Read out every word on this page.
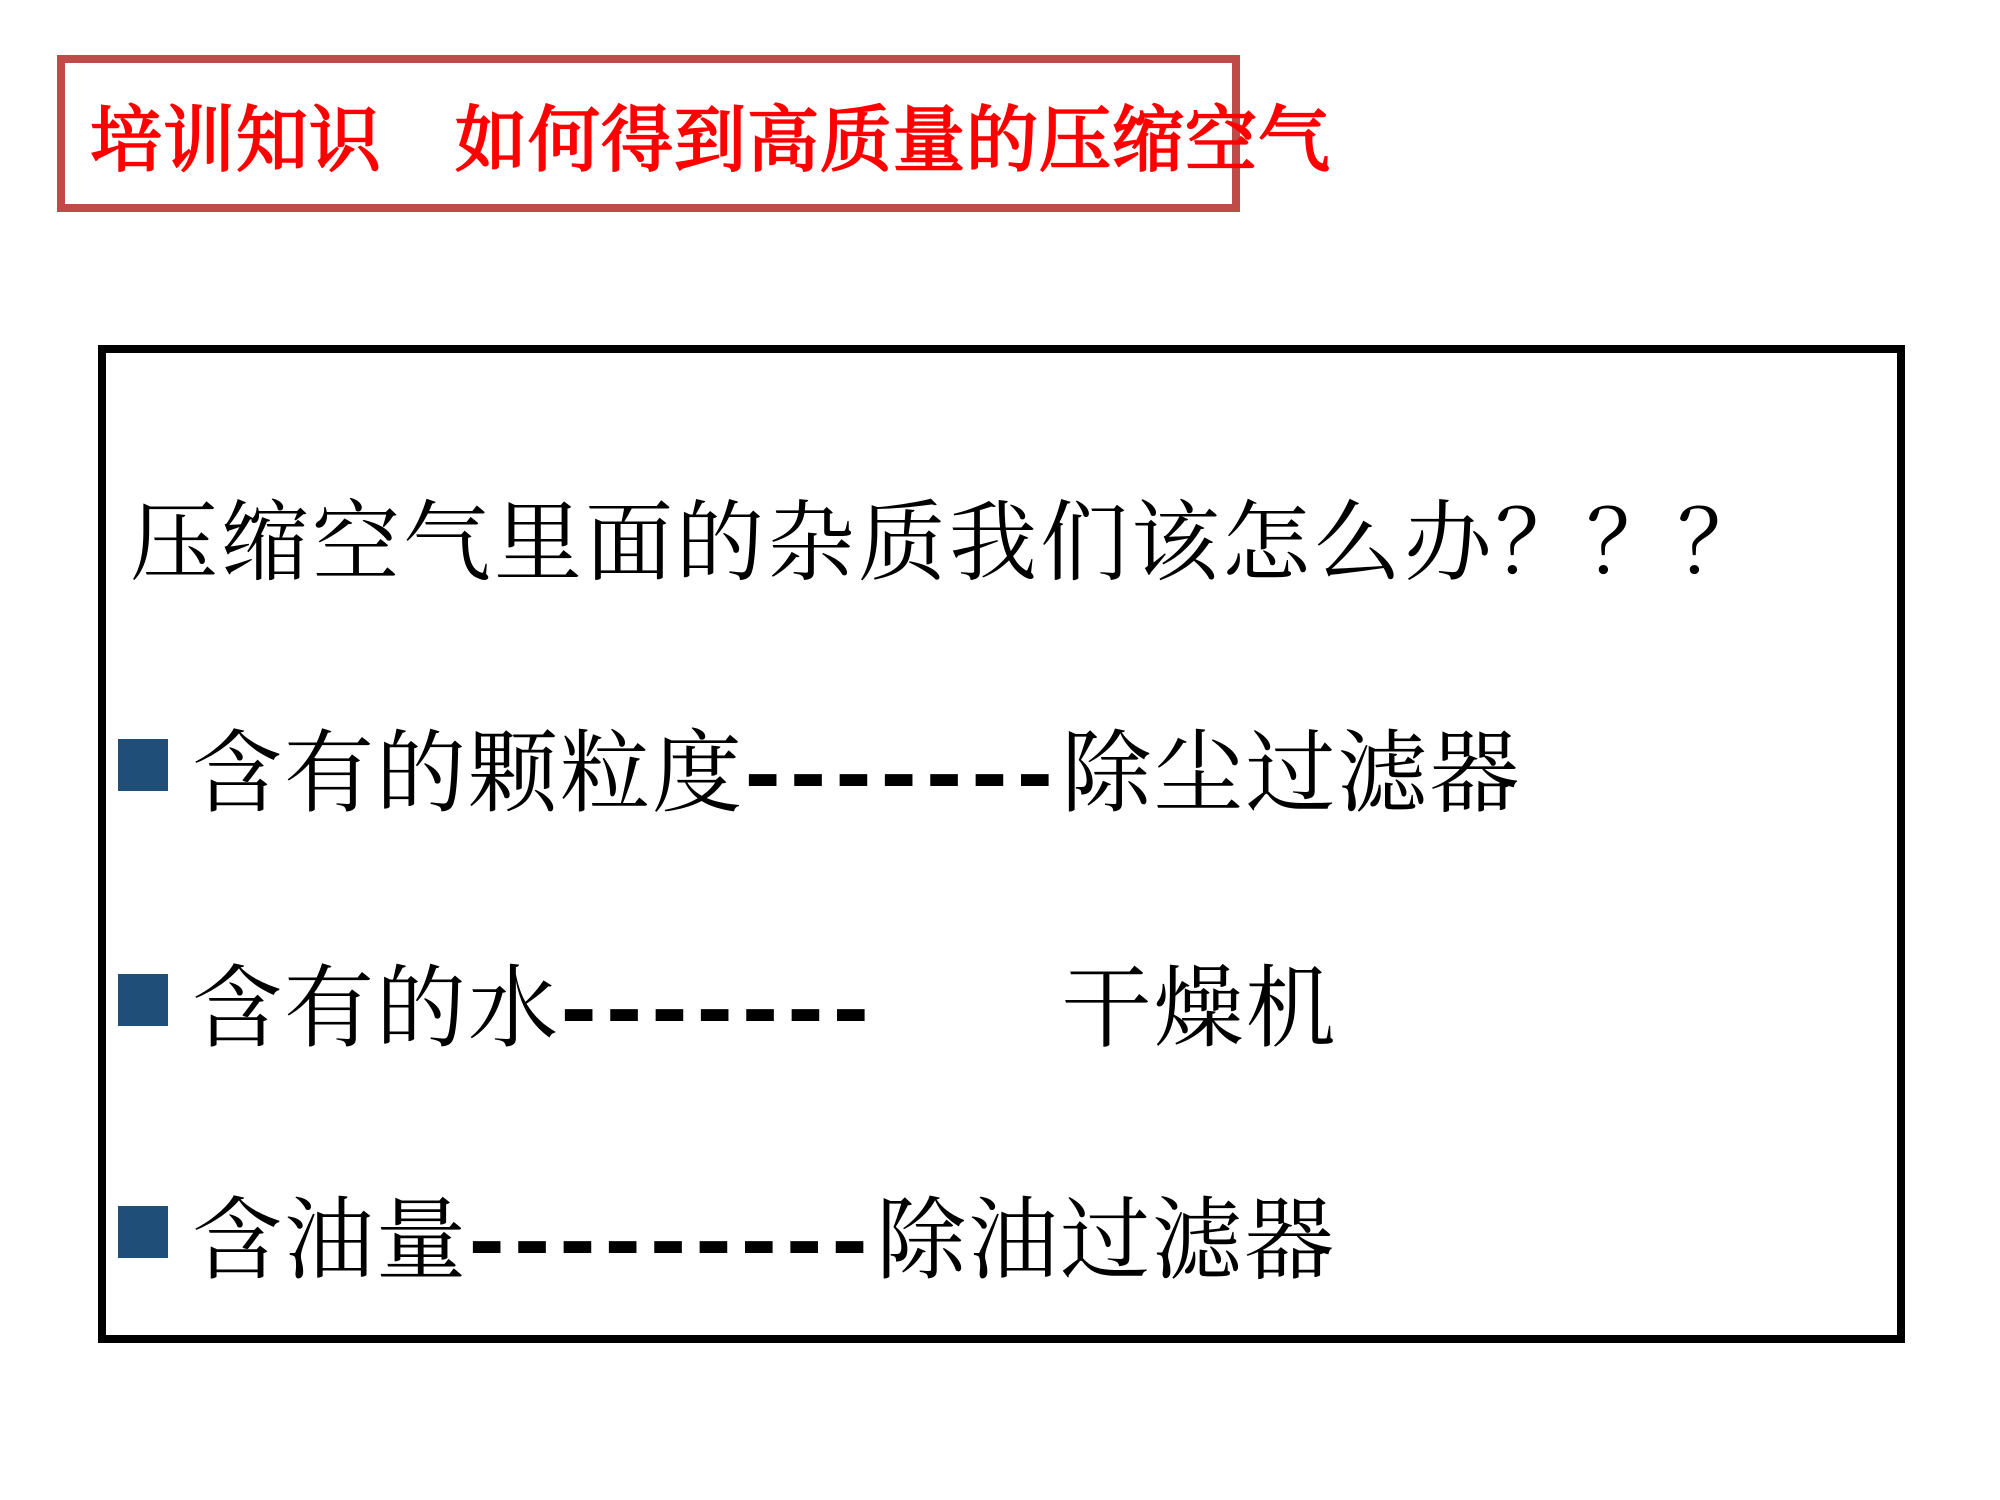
培训知识　如何得到高质量的压缩空气
压缩空气里面的杂质我们该怎么办？？？
含有的颗粒度-------除尘过滤器
含有的水-------　　 干燥机
含油量---------除油过滤器
